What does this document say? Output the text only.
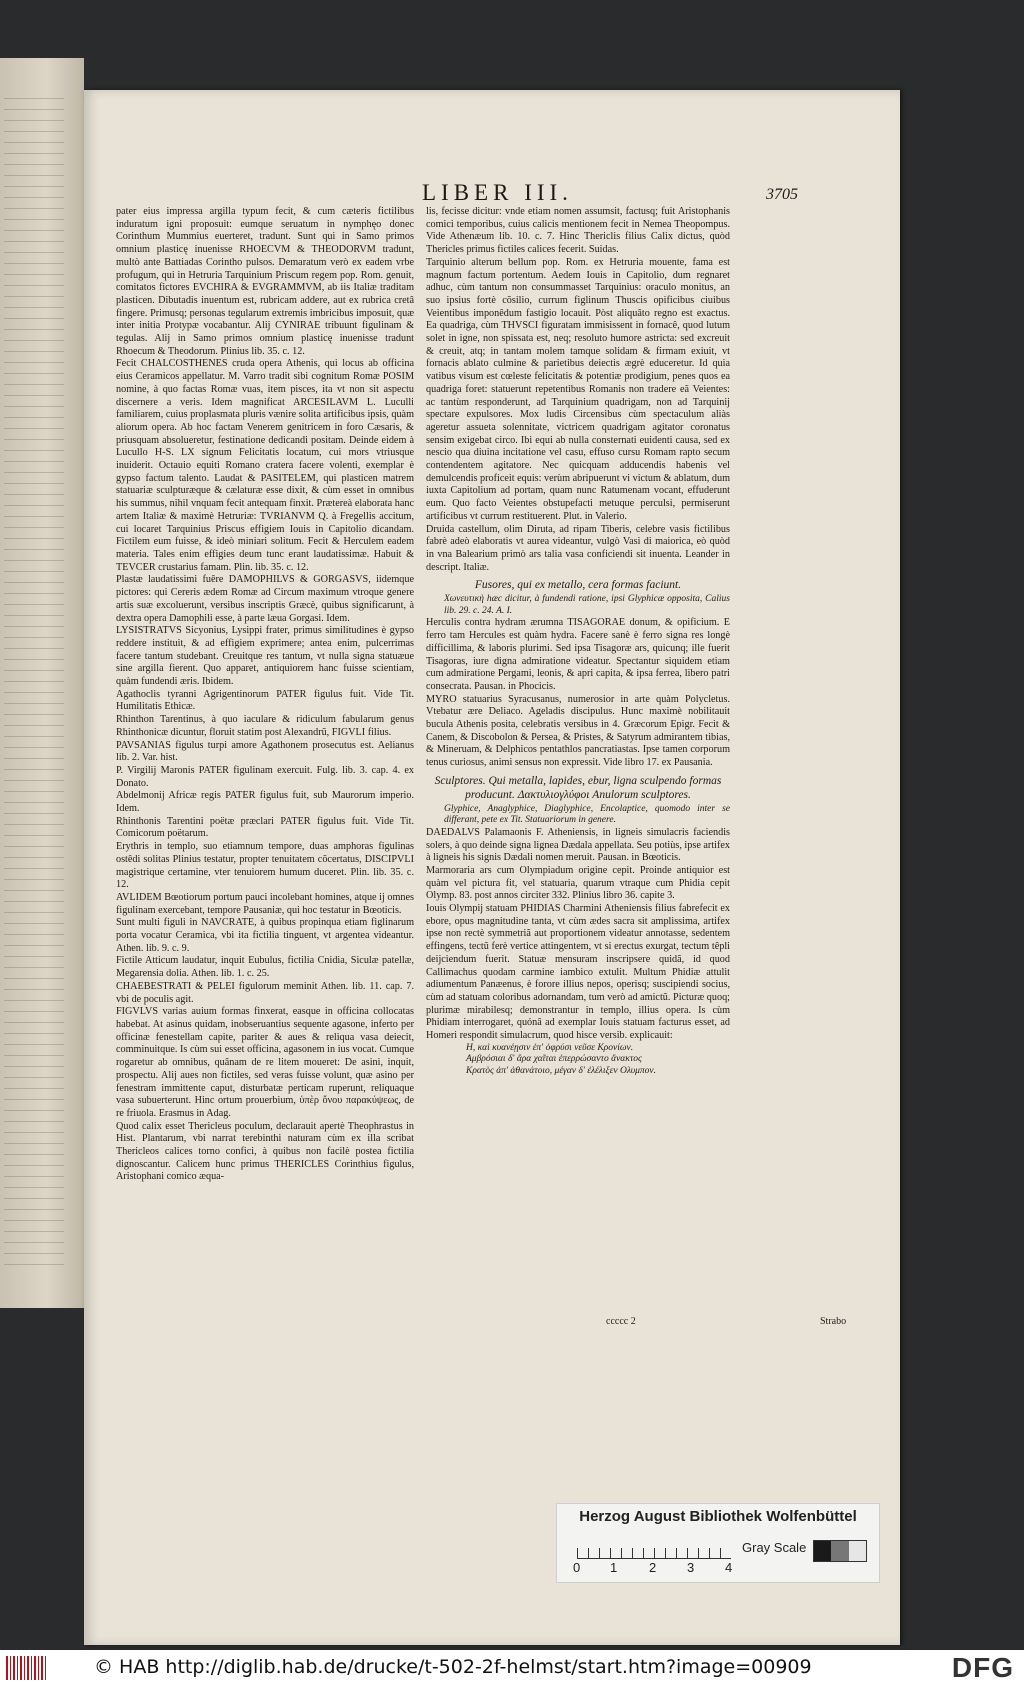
LIBER III.	3705

pater eius impressa argilla typum fecit, & cum cæteris fictilibus induratum igni proposuit: eumque seruatum in nymphęo donec Corinthum Mummius euerteret, tradunt. Sunt qui in Samo primos omnium plasticę inuenisse RHOECVM & THEODORVM tradunt, multò ante Battiadas Corintho pulsos. Demaratum verò ex eadem vrbe profugum, qui in Hetruria Tarquinium Priscum regem pop. Rom. genuit, comitatos fictores EVCHIRA & EVGRAMMVM, ab iis Italiæ traditam plasticen. Dibutadis inuentum est, rubricam addere, aut ex rubrica cretâ fingere. Primusq; personas tegularum extremis imbricibus imposuit, quæ inter initia Protypæ vocabantur. Alij CYNIRAE tribuunt figulinam & tegulas. Alij in Samo primos omnium plasticę inuenisse tradunt Rhoecum & Theodorum. Plinius lib. 35. c. 12.

Fecit CHALCOSTHENES cruda opera Athenis, qui locus ab officina eius Ceramicos appellatur. M. Varro tradit sibi cognitum Romæ POSIM nomine, à quo factas Romæ vuas, item pisces, ita vt non sit aspectu discernere a veris. Idem magnificat ARCESILAVM L. Luculli familiarem, cuius proplasmata pluris vænire solita artificibus ipsis, quàm aliorum opera. Ab hoc factam Venerem genitricem in foro Cæsaris, & priusquam absolueretur, festinatione dedicandi positam. Deinde eidem à Lucullo H-S. LX signum Felicitatis locatum, cui mors vtriusque inuiderit. Octauio equiti Romano cratera facere volenti, exemplar è gypso factum talento. Laudat & PASITELEM, qui plasticen matrem statuariæ sculpturæque & cælaturæ esse dixit, & cùm esset in omnibus his summus, nihil vnquam fecit antequam finxit. Prætereà elaborata hanc artem Italiæ & maximè Hetruriæ: TVRIANVM Q. à Fregellis accitum, cui locaret Tarquinius Priscus effigiem Iouis in Capitolio dicandam. Fictilem eum fuisse, & ideò miniari solitum. Fecit & Herculem eadem materia. Tales enim effigies deum tunc erant laudatissimæ. Habuit & TEVCER crustarius famam. Plin. lib. 35. c. 12.

Plastæ laudatissimi fuêre DAMOPHILVS & GORGASVS, iidemque pictores: qui Cereris ædem Romæ ad Circum maximum vtroque genere artis suæ excoluerunt, versibus inscriptis Græcè, quibus significarunt, à dextra opera Damophili esse, à parte læua Gorgasi. Idem.

LYSISTRATVS Sicyonius, Lysippi frater, primus similitudines è gypso reddere instituit, & ad effigiem exprimere; antea enim, pulcerrimas facere tantum studebant. Creuitque res tantum, vt nulla signa statuæue sine argilla fierent. Quo apparet, antiquiorem hanc fuisse scientiam, quàm fundendi æris. Ibidem.

Agathoclis tyranni Agrigentinorum PATER figulus fuit. Vide Tit. Humilitatis Ethicæ.

Rhinthon Tarentinus, à quo iaculare & ridiculum fabularum genus Rhinthonicæ dicuntur, floruit statim post Alexandrũ, FIGVLI filius.

PAVSANIAS figulus turpi amore Agathonem prosecutus est. Aelianus lib. 2. Var. hist.

P. Virgilij Maronis PATER figulinam exercuit. Fulg. lib. 3. cap. 4. ex Donato.

Abdelmonij Africæ regis PATER figulus fuit, sub Maurorum imperio. Idem.

Rhinthonis Tarentini poëtæ præclari PATER figulus fuit. Vide Tit. Comicorum poëtarum.

Erythris in templo, suo etiamnum tempore, duas amphoras figulinas ostêdi solitas Plinius testatur, propter tenuitatem cõcertatus, DISCIPVLI magistrique certamine, vter tenuiorem humum duceret. Plin. lib. 35. c. 12.

AVLIDEM Bœotiorum portum pauci incolebant homines, atque ij omnes figulinam exercebant, tempore Pausaniæ, qui hoc testatur in Bœoticis.

Sunt multi figuli in NAVCRATE, à quibus propinqua etiam figlinarum porta vocatur Ceramica, vbi ita fictilia tinguent, vt argentea videantur. Athen. lib. 9. c. 9.

Fictile Atticum laudatur, inquit Eubulus, fictilia Cnidia, Siculæ patellæ, Megarensia dolia. Athen. lib. 1. c. 25.

CHAEBESTRATI & PELEI figulorum meminit Athen. lib. 11. cap. 7. vbi de poculis agit.

FIGVLVS varias auium formas finxerat, easque in officina collocatas habebat. At asinus quidam, inobseruantius sequente agasone, inferto per officinæ fenestellam capite, pariter & aues & reliqua vasa deiecit, comminuitque. Is cùm sui esset officina, agasonem in ius vocat. Cumque rogaretur ab omnibus, quânam de re litem moueret: De asini, inquit, prospectu. Alij aues non fictiles, sed veras fuisse volunt, quæ asino per fenestram immittente caput, disturbatæ perticam ruperunt, reliquaque vasa subuerterunt. Hinc ortum prouerbium, ὑπὲρ ὄνου παρακύψεως, de re friuola. Erasmus in Adag.

Quod calix esset Thericleus poculum, declarauit apertè Theophrastus in Hist. Plantarum, vbi narrat terebinthi naturam cùm ex illa scribat Thericleos calices torno confici, à quibus non facilè postea fictilia dignoscantur. Calicem hunc primus THERICLES Corinthius figulus, Aristophani comico æqua-

lis, fecisse dicitur: vnde etiam nomen assumsit, factusq; fuit Aristophanis comici temporibus, cuius calicis mentionem fecit in Nemea Theopompus. Vide Athenæum lib. 10. c. 7. Hinc Thericlis filius Calix dictus, quòd Thericles primus fictiles calices fecerit. Suidas.

Tarquinio alterum bellum pop. Rom. ex Hetruria mouente, fama est magnum factum portentum. Aedem Iouis in Capitolio, dum regnaret adhuc, cùm tantum non consummasset Tarquinius: oraculo monitus, an suo ipsius fortè cõsilio, currum figlinum Thuscis opificibus ciuibus Veientibus imponêdum fastigio locauit. Pòst aliquâto regno est exactus. Ea quadriga, cùm THVSCI figuratam immisissent in fornacê, quod lutum solet in igne, non spissata est, neq; resoluto humore astricta: sed excreuit & creuit, atq; in tantam molem tamque solidam & firmam exiuit, vt fornacis ablato culmine & parietibus deiectis ægrè educeretur. Id quia vatibus visum est cœleste felicitatis & potentiæ prodigium, penes quos ea quadriga foret: statuerunt repetentibus Romanis non tradere eã Veientes: ac tantùm responderunt, ad Tarquinium quadrigam, non ad Tarquinij spectare expulsores. Mox ludis Circensibus cùm spectaculum aliàs ageretur assueta solennitate, victricem quadrigam agitator coronatus sensim exigebat circo. Ibi equi ab nulla consternati euidenti causa, sed ex nescio qua diuina incitatione vel casu, effuso cursu Romam rapto secum contendentem agitatore. Nec quicquam adducendis habenis vel demulcendis proficeit equis: verùm abripuerunt vi victum & ablatum, dum iuxta Capitolium ad portam, quam nunc Ratumenam vocant, effuderunt eum. Quo facto Veientes obstupefacti metuque perculsi, permiserunt artificibus vt currum restituerent. Plut. in Valerio.

Druida castellum, olim Diruta, ad ripam Tiberis, celebre vasis fictilibus fabrè adeò elaboratis vt aurea videantur, vulgò Vasi di maiorica, eò quòd in vna Balearium primò ars talia vasa conficiendi sit inuenta. Leander in descript. Italiæ.

Fusores, qui ex metallo, cera formas faciunt.
Χωνευτικὴ hæc dicitur, à fundendi ratione, ipsi Glyphicæ opposita, Calius lib. 29. c. 24. A. I.

Herculis contra hydram ærumna TISAGORAE donum, & opificium. E ferro tam Hercules est quàm hydra. Facere sanè è ferro signa res longè difficillima, & laboris plurimi. Sed ipsa Tisagoræ ars, quicunq; ille fuerit Tisagoras, iure digna admiratione videatur. Spectantur siquidem etiam cum admiratione Pergami, leonis, & apri capita, & ipsa ferrea, libero patri consecrata. Pausan. in Phocicis.

MYRO statuarius Syracusanus, numerosior in arte quàm Polycletus. Vtebatur ære Deliaco. Ageladis discipulus. Hunc maximè nobilitauit bucula Athenis posita, celebratis versibus in 4. Græcorum Epigr. Fecit & Canem, & Discobolon & Persea, & Pristes, & Satyrum admirantem tibias, & Mineruam, & Delphicos pentathlos pancratiastas. Ipse tamen corporum tenus curiosus, animi sensus non expressit. Vide libro 17. ex Pausania.

Sculptores. Qui metalla, lapides, ebur, ligna sculpendo formas producunt. Δακτυλιογλύφοι Anulorum sculptores.
Glyphice, Anaglyphice, Diaglyphice, Encolaptice, quomodo inter se differant, pete ex Tit. Statuariorum in genere.

DAEDALVS Palamaonis F. Atheniensis, in ligneis simulacris faciendis solers, à quo deinde signa lignea Dædala appellata. Seu potiùs, ipse artifex à ligneis his signis Dædali nomen meruit. Pausan. in Bœoticis.

Marmoraria ars cum Olympiadum origine cepit. Proinde antiquior est quàm vel pictura fit, vel statuaria, quarum vtraque cum Phidia cepit Olymp. 83. post annos circiter 332. Plinius libro 36. capite 3.

Iouis Olympij statuam PHIDIAS Charmini Atheniensis filius fabrefecit ex ebore, opus magnitudine tanta, vt cùm ædes sacra sit amplissima, artifex ipse non rectè symmetriã aut proportionem videatur annotasse, sedentem effingens, tectũ ferè vertice attingentem, vt si erectus exurgat, tectum têpli deijciendum fuerit. Statuæ mensuram inscripsere quidã, id quod Callimachus quodam carmine iambico extulit. Multum Phidiæ attulit adiumentum Panæenus, è forore illius nepos, operisq; suscipiendi socius, cùm ad statuam coloribus adornandam, tum verò ad amictũ. Picturæ quoq; plurimæ mirabilesq; demonstrantur in templo, illius opera. Is cùm Phidiam interrogaret, quónâ ad exemplar Iouis statuam facturus esset, ad Homeri respondit simulacrum, quod hisce versib. explicauit:

Η, καὶ κυανέῃσιν ἐπ' ὀφρύσι νεῦσε Κρονίων.
Αμβρόσιαι δ' ἄρα χαῖται ἐπερρώσαντο ἄνακτος
Κρατὸς ἀπ' ἀθανάτοιο, μέγαν δ' ἐλέλιξεν Ολυμπον.
ccccc 2	Strabo
Herzog August Bibliothek Wolfenbüttel
0 1 2 3 4
Gray Scale
© HAB http://diglib.hab.de/drucke/t-502-2f-helmst/start.htm?image=00909	DFG
